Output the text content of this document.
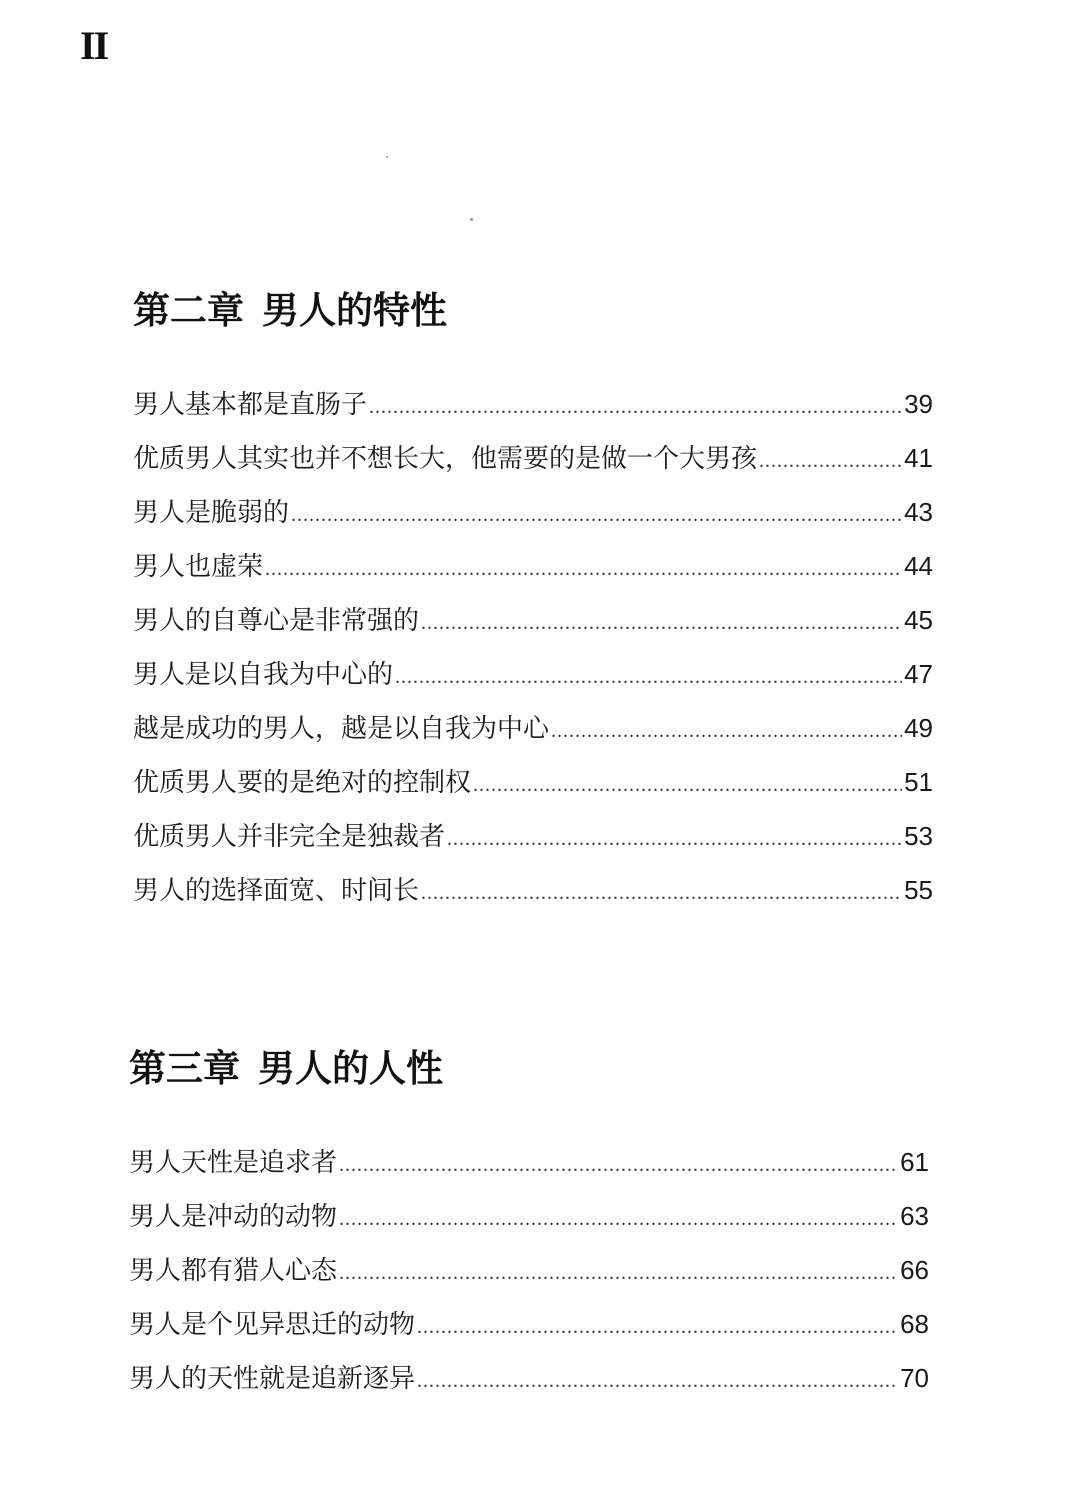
II
第二章 男人的特性
男人基本都是直肠子 .....	39
优质男人其实也并不想长大，他需要的是做一个大男孩 .....	41
男人是脆弱的 .....	43
男人也虚荣 .....	44
男人的自尊心是非常强的 .....	45
男人是以自我为中心的 .....	47
越是成功的男人，越是以自我为中心 .....	49
优质男人要的是绝对的控制权 .....	51
优质男人并非完全是独裁者 .....	53
男人的选择面宽、时间长 .....	55
第三章 男人的人性
男人天性是追求者 .....	61
男人是冲动的动物 .....	63
男人都有猎人心态 .....	66
男人是个见异思迁的动物 .....	68
男人的天性就是追新逐异 .....	70
